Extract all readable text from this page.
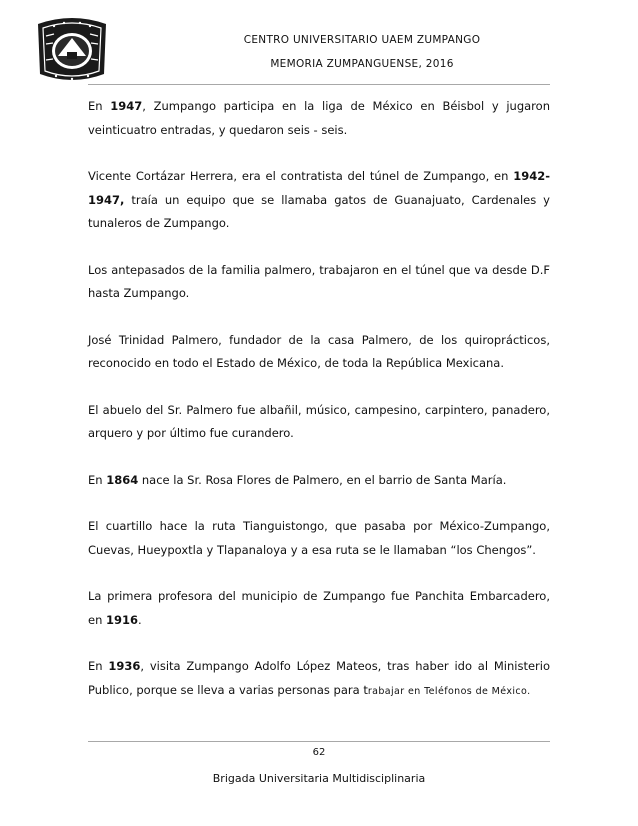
CENTRO UNIVERSITARIO UAEM ZUMPANGO
MEMORIA ZUMPANGUENSE, 2016

En 1947, Zumpango participa en la liga de México en Béisbol y jugaron veinticuatro entradas, y quedaron seis - seis.

Vicente Cortázar Herrera, era el contratista del túnel de Zumpango, en 1942- 1947, traía un equipo que se llamaba gatos de Guanajuato, Cardenales y tunaleros de Zumpango.

Los antepasados de la familia palmero, trabajaron en el túnel que va desde D.F hasta Zumpango.

José Trinidad Palmero, fundador de la casa Palmero, de los quiroprácticos, reconocido en todo el Estado de México, de toda la República Mexicana.

El abuelo del Sr. Palmero fue albañil, músico, campesino, carpintero, panadero, arquero y por último fue curandero.

En 1864 nace la Sr. Rosa Flores de Palmero, en el barrio de Santa María.

El cuartillo hace la ruta Tianguistongo, que pasaba por México-Zumpango, Cuevas, Hueypoxtla y Tlapanaloya y a esa ruta se le llamaban “los Chengos”.

La primera profesora del municipio de Zumpango fue Panchita Embarcadero, en 1916.

En 1936, visita Zumpango Adolfo López Mateos, tras haber ido al Ministerio Publico, porque se lleva a varias personas para trabajar en Teléfonos de México.

62
Brigada Universitaria Multidisciplinaria
